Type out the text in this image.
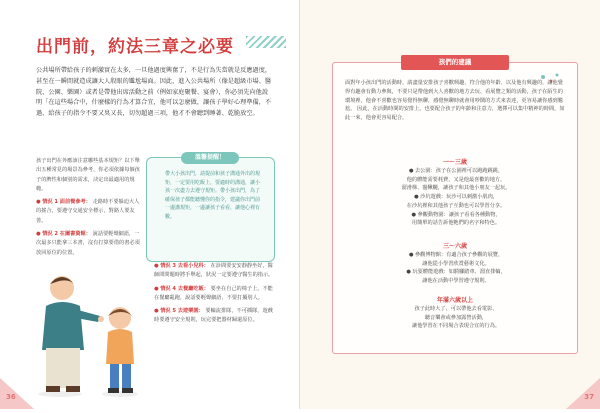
出門前，約法三章之必要
公共場所帶給孩子的刺激實在太多，一旦他過度興奮了，不是行為失當就是反應過度，甚至在一瞬間就造成讓大人殷眼的尷尬場面。因此，進入公共場所（像是超級市場、醫院、公園、樂園）或者是帶他出席活動之前（例如家庭聚餐、宴會），你必須先向他說明「在這些場合中，什麼樣的行為才算合宜，他可以怎麼做，讓孩子學好心理準備，不過，給孩子的指令不要又臭又長，切勿超過三項，他才不會聽到睡著、乾脆放空。

孩子出門在外應該注意哪些基本規矩？以下舉出五種常見的場景為參考，你必須依據每個孩子的脾性和個別的需求，決定出最適用的規範。

● 情況 1 面前餐參考： 走路時不要躲迫大人的搖合，要遵守交通安全標示，對路人要友善。

● 情況 2 在圖書資館： 說話要輕聲細語，一次最多只能拿三本書，沒有打算要借的書必須放回原位的位置。

溫馨提醒！
帶大小孩出門，請提前和孩子溝通外出的規矩，一定要用吃飯上，要適時的溝通，讓小孩一次盡力去遵守規矩。帶小孩出門，為了確保孩子都能聽懂你的指令，建議你出門前一邊講規矩，一邊讓孩子看看，讓他心裡有數。

● 情況 3 去看小兒科： 在診間要安安靜靜坐好，醫師問問題時將手舉起，狀況一定要遵守醫生的指示。

● 情況 4 去餐廳吃飯： 要坐在自己的椅子上，不能在餐廳亂跑，說話要輕聲細語，不要打擾別人。

● 情況 5 去遊樂園： 要輪流排隊，不可插隊，遊戲時要遵守安全規則，玩完要把器材歸還原位。

36
孩們的建議
面對年小孩出門的活動時，請盡量安排孩子喜歡興趣、符合他的年齡、以及他有興趣的，讓他覺得有趣會有動力參與，不要只是帶他到大人喜歡的地方去玩、看展覽之類的活動，孩子在陌生的環境裡，他會不喜歡也容易覺得無聊，感覺無聊時就會用吵鬧的方式來表達，更容易讓你感到尷尬。 因此，在活動時間的安排上，也要配合孩子的年齡和注意力，選擇可以集中精神的時間，如此一來，他會更容易配合。
一～三歲

● 去公園：孩子在公園裡可以跑跑跳跳，

他的體能需要耗費，又是他最喜歡的地方，

溜滑梯、盪鞦韆，讓孩子和其他小朋友一起玩。

● 沙坑遊戲：玩沙可以刺激小肌肉，

在沙坑裡和其他孩子互動也可以學習分享。

● 參觀動物園：讓孩子看看各種動物，

用簡單的話告訴他牠們的名字和特色。

三～六歲

● 參觀博物館：有適合孩子參觀的展覽，

讓他從小學習欣賞藝術文化。

● 玩耍體能遊戲：如騎腳踏車、溜直排輪，

讓他在活動中學習遵守規則。

年滿六歲以上

孩子此時大了，可以帶他去看電影、

聽音樂會或參加露營活動，

讓他學習在不同場合表現合宜的行為。

37
